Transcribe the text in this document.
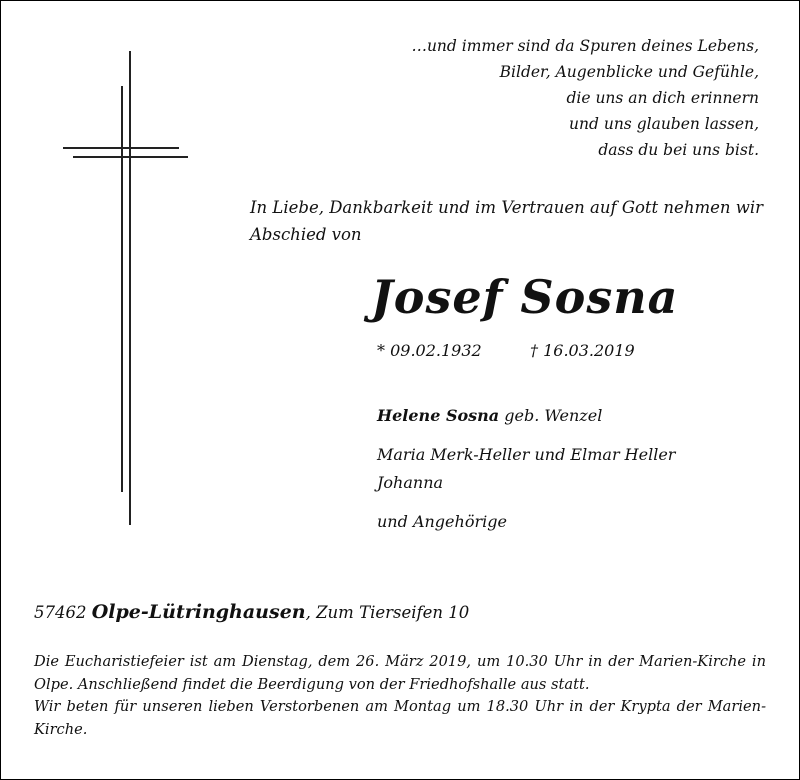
…und immer sind da Spuren deines Lebens,
Bilder, Augenblicke und Gefühle,
die uns an dich erinnern
und uns glauben lassen,
dass du bei uns bist.
In Liebe, Dankbarkeit und im Vertrauen auf Gott nehmen wir Abschied von
Josef Sosna
* 09.02.1932	† 16.03.2019
Helene Sosna geb. Wenzel
Maria Merk-Heller und Elmar Heller
Johanna
und Angehörige
57462 Olpe-Lütringhausen, Zum Tierseifen 10

Die Eucharistiefeier ist am Dienstag, dem 26. März 2019, um 10.30 Uhr in der Marien-Kirche in Olpe. Anschließend findet die Beerdigung von der Friedhofshalle aus statt.

Wir beten für unseren lieben Verstorbenen am Montag um 18.30 Uhr in der Krypta der Marien-Kirche.
